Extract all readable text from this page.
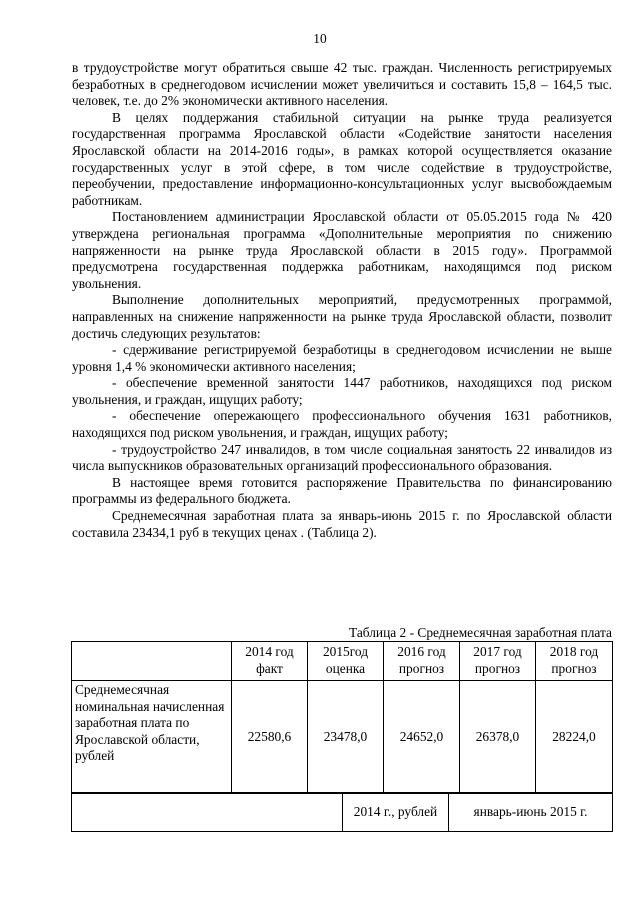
10

в трудоустройстве могут обратиться свыше 42 тыс. граждан. Численность регистрируемых безработных в среднегодовом исчислении может увеличиться и составить 15,8 – 164,5 тыс. человек, т.е. до 2% экономически активного населения.

В целях поддержания стабильной ситуации на рынке труда реализуется государственная программа Ярославской области «Содействие занятости населения Ярославской области на 2014-2016 годы», в рамках которой осуществляется оказание государственных услуг в этой сфере, в том числе содействие в трудоустройстве, переобучении, предоставление информационно-консультационных услуг высвобождаемым работникам.

Постановлением администрации Ярославской области от 05.05.2015 года № 420 утверждена региональная программа «Дополнительные мероприятия по снижению напряженности на рынке труда Ярославской области в 2015 году». Программой предусмотрена государственная поддержка работникам, находящимся под риском увольнения.

Выполнение дополнительных мероприятий, предусмотренных программой, направленных на снижение напряженности на рынке труда Ярославской области, позволит достичь следующих результатов:

- сдерживание регистрируемой безработицы в среднегодовом исчислении не выше уровня 1,4 % экономически активного населения;

- обеспечение временной занятости 1447 работников, находящихся под риском увольнения, и граждан, ищущих работу;

- обеспечение опережающего профессионального обучения 1631 работников, находящихся под риском увольнения, и граждан, ищущих работу;

- трудоустройство 247 инвалидов, в том числе социальная занятость 22 инвалидов из числа выпускников образовательных организаций профессионального образования.

В настоящее время готовится распоряжение Правительства по финансированию программы из федерального бюджета.

Среднемесячная заработная плата за январь-июнь 2015 г. по Ярославской области составила 23434,1 руб в текущих ценах . (Таблица 2).

Таблица 2 - Среднемесячная заработная плата
	2014 год факт	2015год оценка	2016 год прогноз	2017 год прогноз	2018 год прогноз
Среднемесячная номинальная начисленная заработная плата по Ярославской области, рублей	22580,6	23478,0	24652,0	26378,0	28224,0
	2014 г., рублей	январь-июнь 2015 г.
